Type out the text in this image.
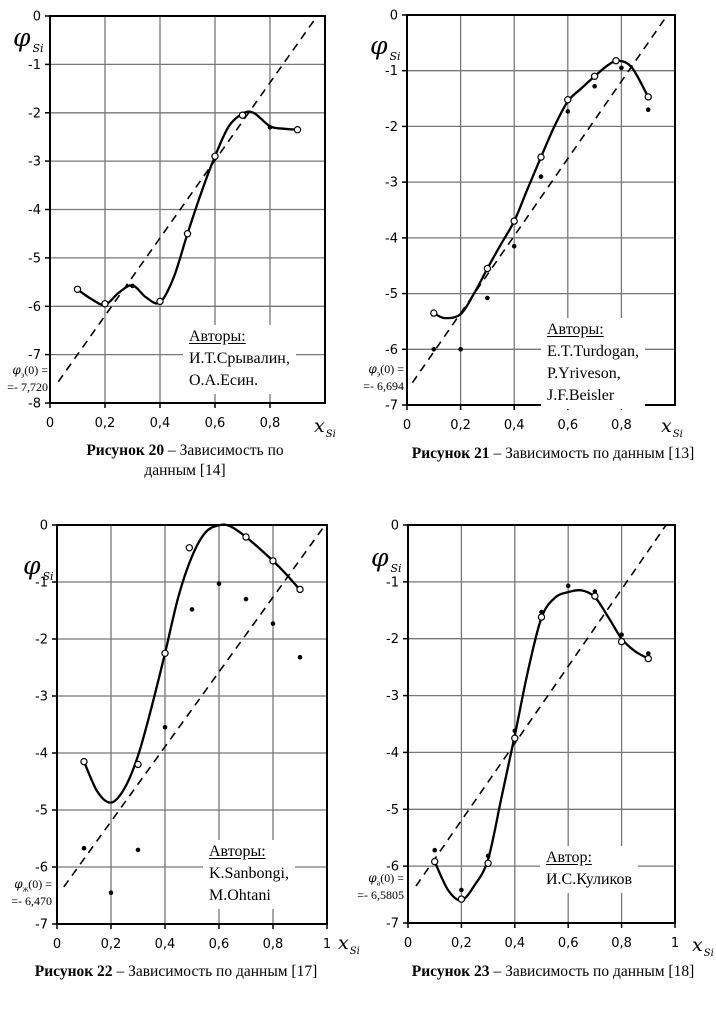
0
-1
-2
-3
-4
-5
-6
-7
-8
0	0,2	0,4	0,6	0,8
φ $_{Si}$
$x_{Si}$
$\varphi_э(0)$ =
=- 7,720
Авторы:
И.Т.Срывалин,
О.А.Есин.
Рисунок 20 – Зависимость по
данным [14]
0
-1
-2
-3
-4
-5
-6
-7
0	0,2	0,4	0,6	0,8
φ $_{Si}$
$x_{Si}$
$\varphi_э(0)$ =
=- 6,694
Авторы:
E.T.Turdogan,
P.Yriveson,
J.F.Beisler
Рисунок 21 – Зависимость по данным [13]
0
-1
-2
-3
-4
-5
-6
-7
0	0,2	0,4	0,6	0,8	1
φ $_{Si}$
$x_{Si}$
$\varphi_ж(0)$ =
=- 6,470
Авторы:
K.Sanbongi,
M.Ohtani
Рисунок 22 – Зависимость по данным [17]
0
-1
-2
-3
-4
-5
-6
-7
0	0,2	0,4	0,6	0,8	1
φ $_{Si}$
$x_{Si}$
$\varphi_а(0)$ =
=- 6,5805
Автор:
И.С.Куликов
Рисунок 23 – Зависимость по данным [18]
